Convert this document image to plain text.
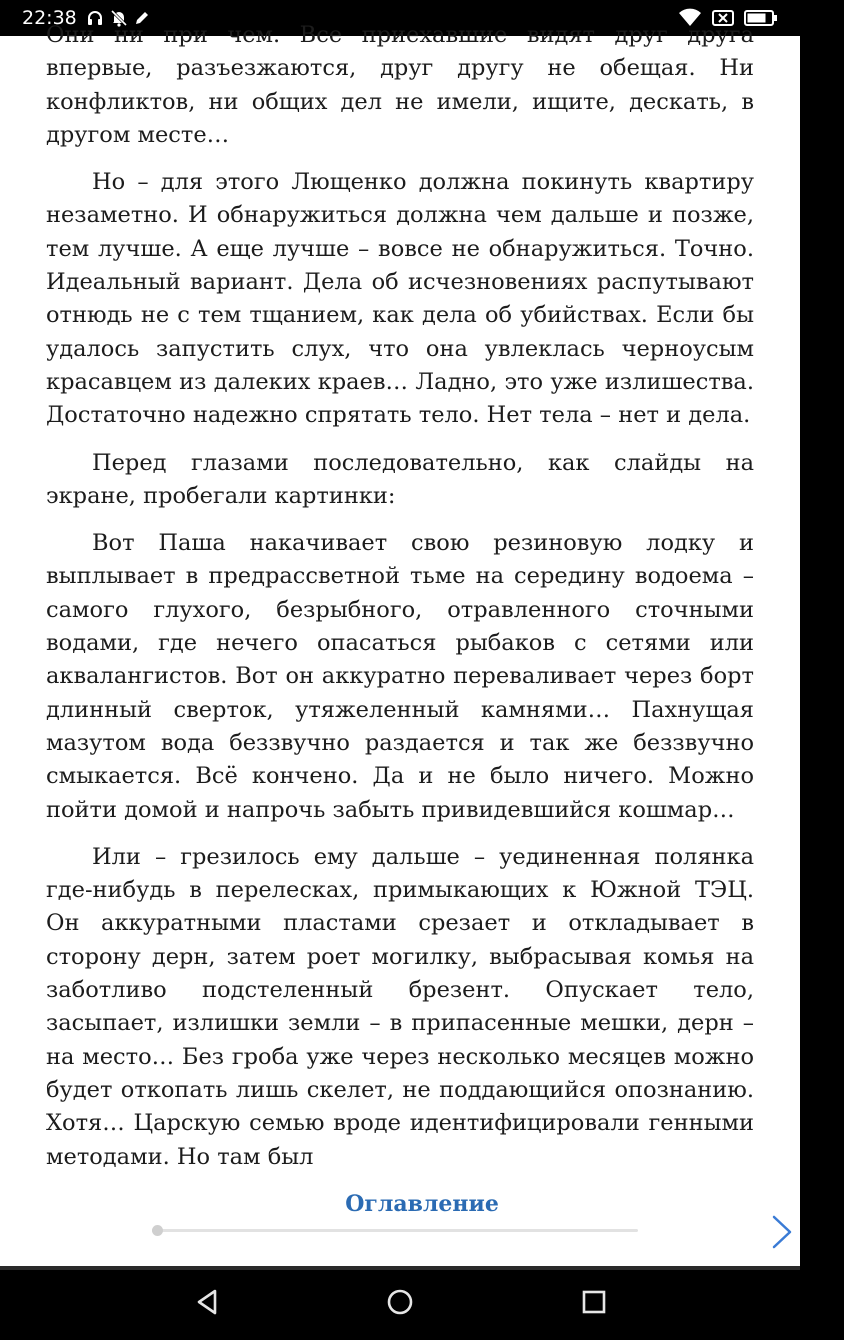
22:38

Они ни при чем. Все приехавшие видят друг друга впервые, разъезжаются, друг другу не обещая. Ни конфликтов, ни общих дел не имели, ищите, дескать, в другом месте…

Но – для этого Лющенко должна покинуть квартиру незаметно. И обнаружиться должна чем дальше и позже, тем лучше. А еще лучше – вовсе не обнаружиться. Точно. Идеальный вариант. Дела об исчезновениях распутывают отнюдь не с тем тщанием, как дела об убийствах. Если бы удалось запустить слух, что она увлеклась черноусым красавцем из далеких краев… Ладно, это уже излишества. Достаточно надежно спрятать тело. Нет тела – нет и дела.

Перед глазами последовательно, как слайды на экране, пробегали картинки:

Вот Паша накачивает свою резиновую лодку и выплывает в предрассветной тьме на середину водоема – самого глухого, безрыбного, отравленного сточными водами, где нечего опасаться рыбаков с сетями или аквалангистов. Вот он аккуратно переваливает через борт длинный сверток, утяжеленный камнями… Пахнущая мазутом вода беззвучно раздается и так же беззвучно смыкается. Всё кончено. Да и не было ничего. Можно пойти домой и напрочь забыть привидевшийся кошмар…

Или – грезилось ему дальше – уединенная полянка где-нибудь в перелесках, примыкающих к Южной ТЭЦ. Он аккуратными пластами срезает и откладывает в сторону дерн, затем роет могилку, выбрасывая комья на заботливо подстеленный брезент. Опускает тело, засыпает, излишки земли – в припасенные мешки, дерн – на место… Без гроба уже через несколько месяцев можно будет откопать лишь скелет, не поддающийся опознанию. Хотя… Царскую семью вроде идентифицировали генными методами. Но там был

Оглавление
